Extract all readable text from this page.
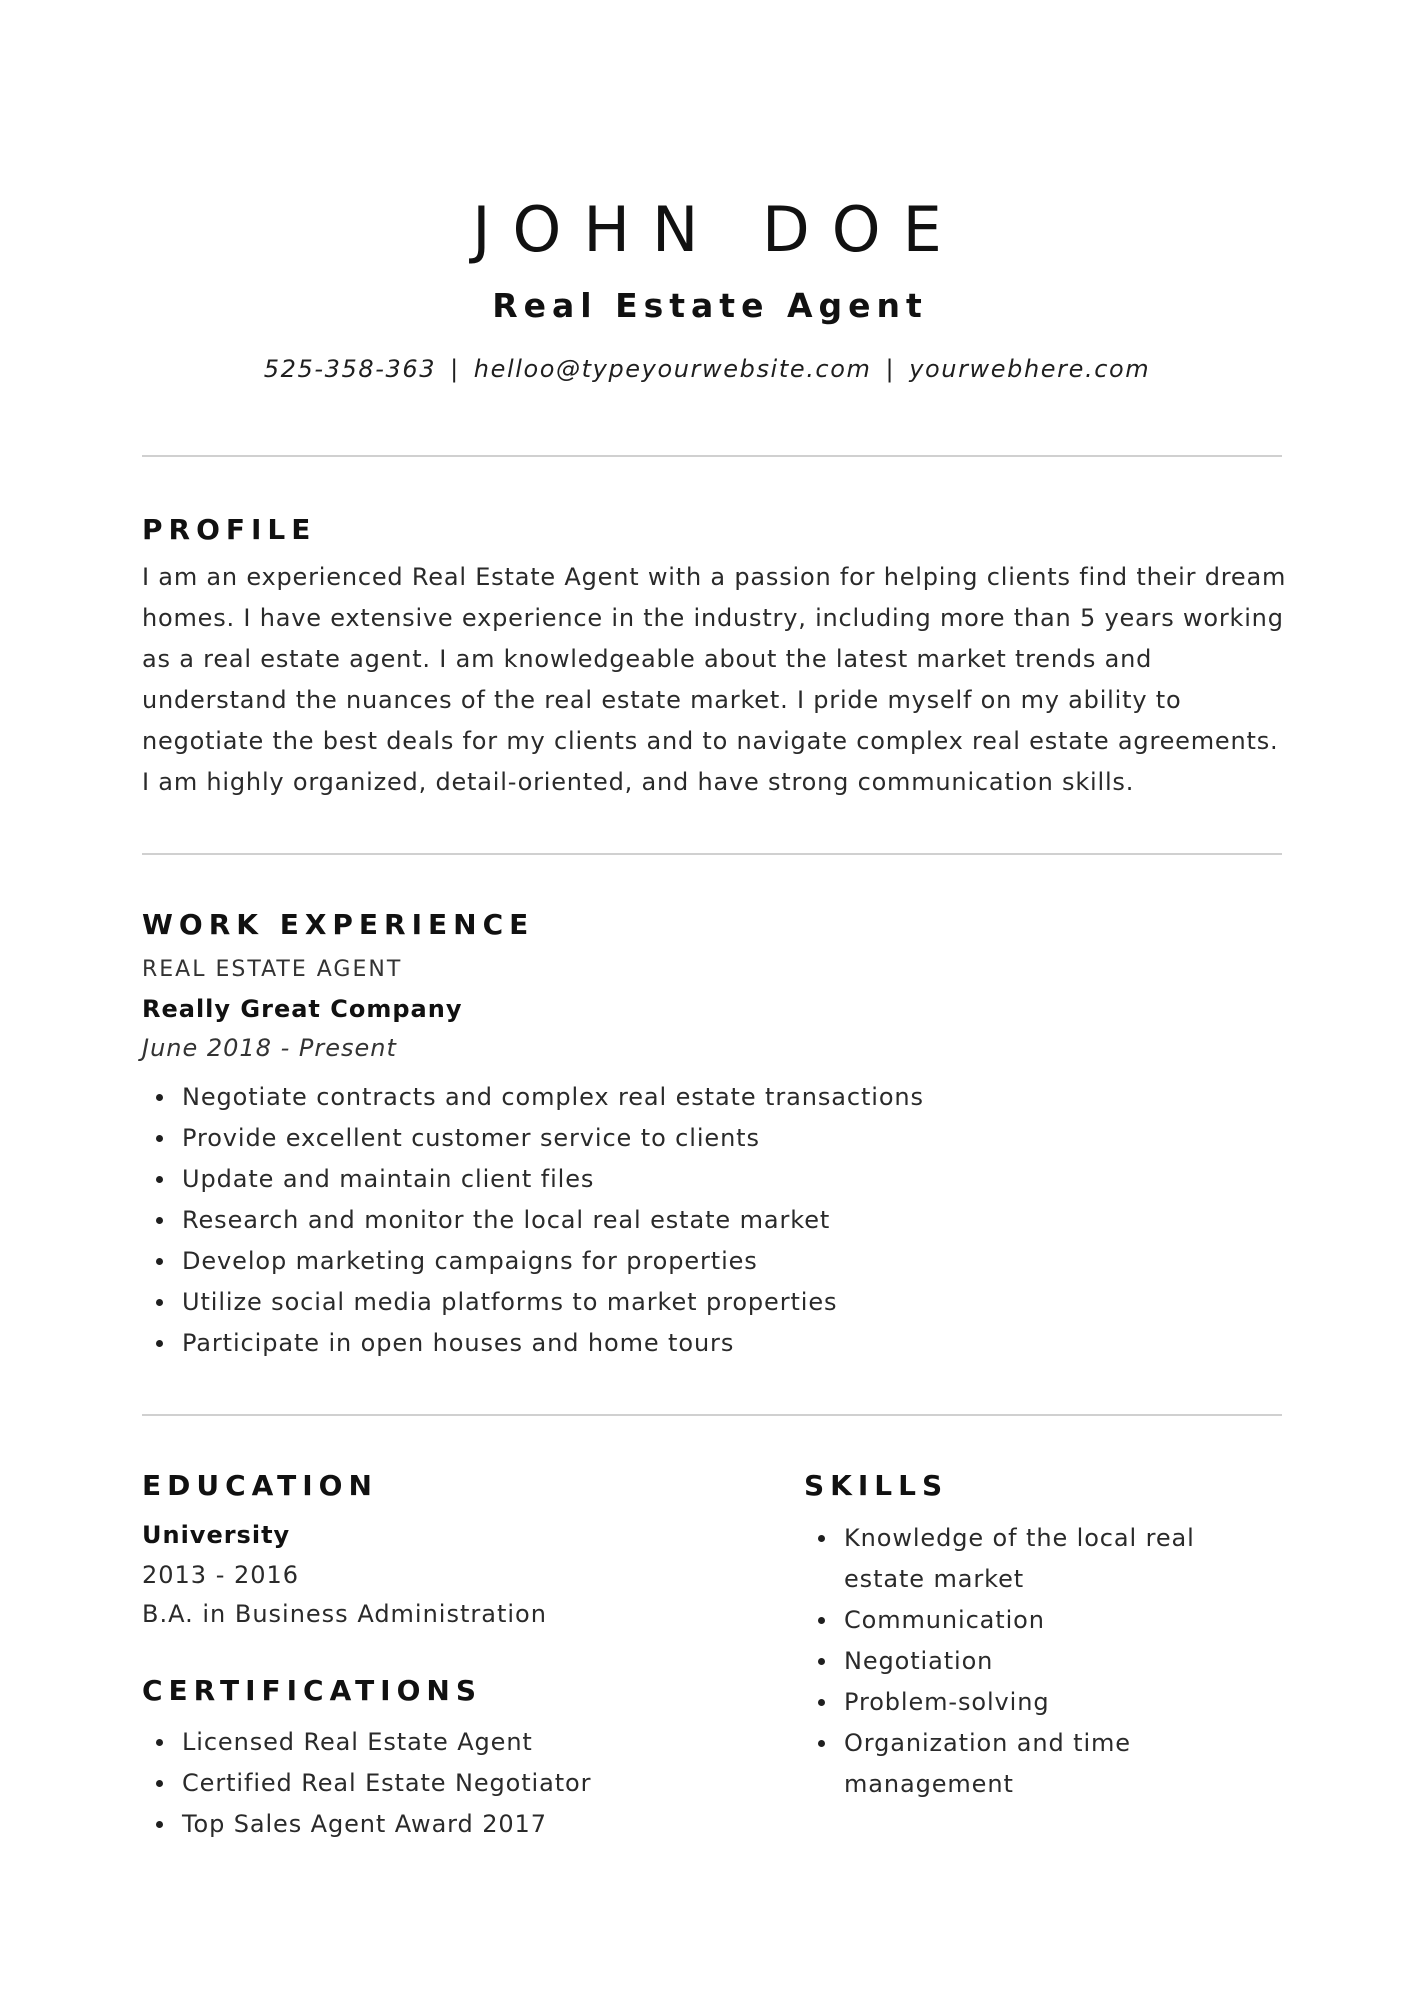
JOHN DOE
Real Estate Agent
525-358-363 | helloo@typeyourwebsite.com | yourwebhere.com
PROFILE

I am an experienced Real Estate Agent with a passion for helping clients find their dream homes. I have extensive experience in the industry, including more than 5 years working as a real estate agent. I am knowledgeable about the latest market trends and understand the nuances of the real estate market. I pride myself on my ability to negotiate the best deals for my clients and to navigate complex real estate agreements. I am highly organized, detail-oriented, and have strong communication skills.

WORK EXPERIENCE
REAL ESTATE AGENT
Really Great Company
June 2018 - Present
Negotiate contracts and complex real estate transactions
Provide excellent customer service to clients
Update and maintain client files
Research and monitor the local real estate market
Develop marketing campaigns for properties
Utilize social media platforms to market properties
Participate in open houses and home tours
EDUCATION
University
2013 - 2016
B.A. in Business Administration
CERTIFICATIONS
Licensed Real Estate Agent
Certified Real Estate Negotiator
Top Sales Agent Award 2017
SKILLS
Knowledge of the local real estate market
Communication
Negotiation
Problem-solving
Organization and time management
